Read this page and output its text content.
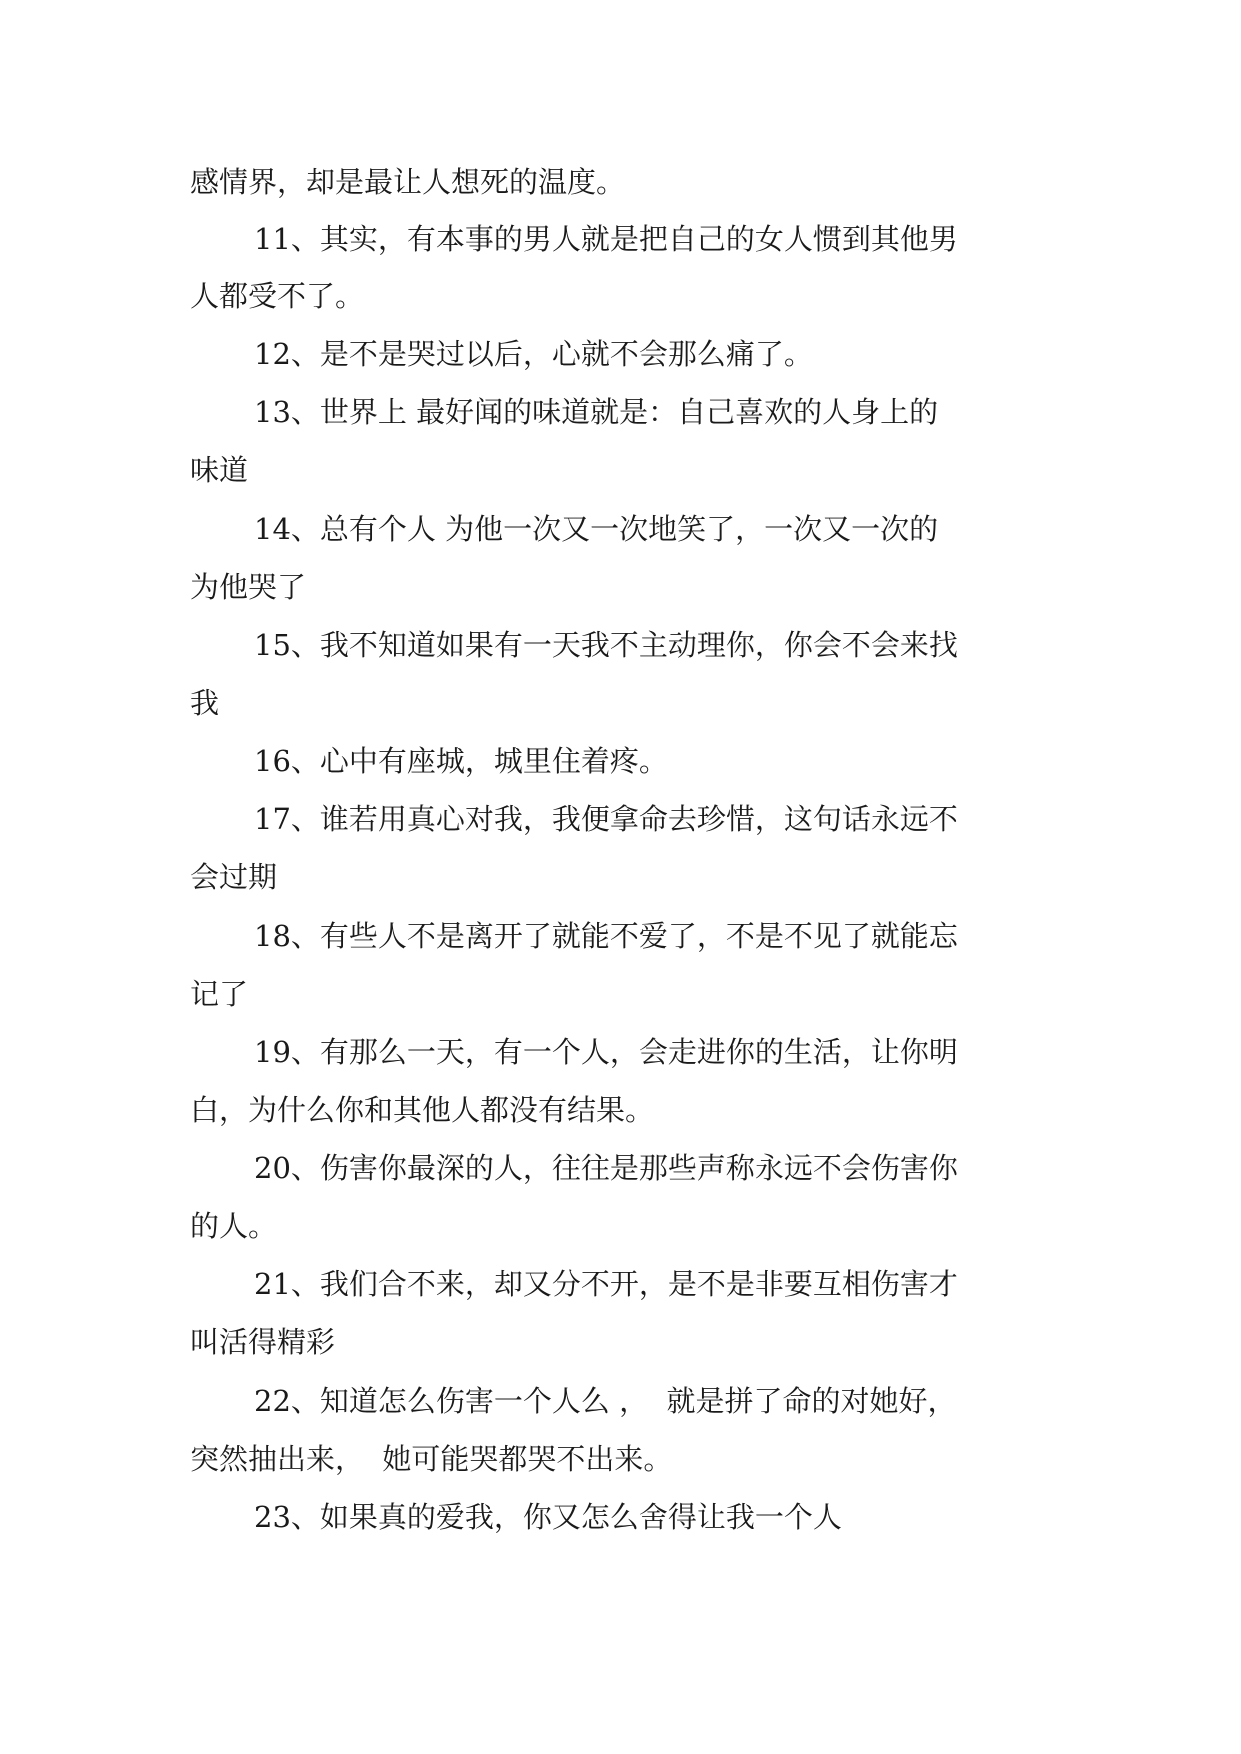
感情界，却是最让人想死的温度。
11、其实，有本事的男人就是把自己的女人惯到其他男
人都受不了。
12、是不是哭过以后，心就不会那么痛了。
13、世界上 最好闻的味道就是：自己喜欢的人身上的
味道
14、总有个人 为他一次又一次地笑了，一次又一次的
为他哭了
15、我不知道如果有一天我不主动理你，你会不会来找
我
16、心中有座城，城里住着疼。
17、谁若用真心对我，我便拿命去珍惜，这句话永远不
会过期
18、有些人不是离开了就能不爱了，不是不见了就能忘
记了
19、有那么一天，有一个人，会走进你的生活，让你明
白，为什么你和其他人都没有结果。
20、伤害你最深的人，往往是那些声称永远不会伤害你
的人。
21、我们合不来，却又分不开，是不是非要互相伤害才
叫活得精彩
22、知道怎么伤害一个人么 ，  就是拼了命的对她好，
突然抽出来，  她可能哭都哭不出来。
23、如果真的爱我，你又怎么舍得让我一个人
